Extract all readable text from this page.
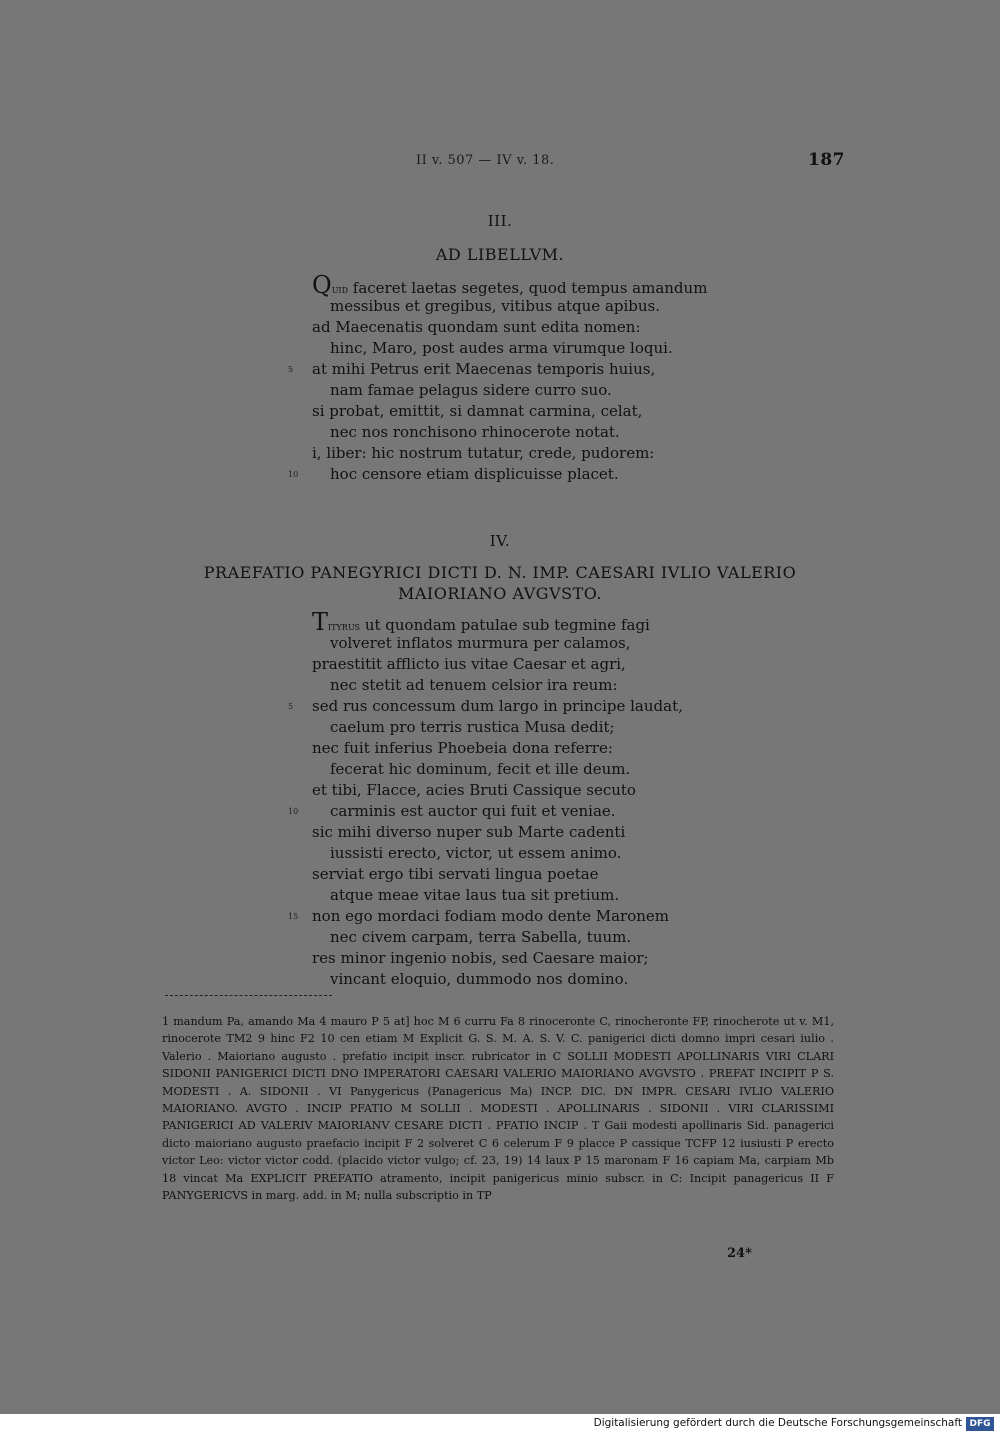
II v. 507 — IV v. 18.	187
III.
AD LIBELLVM.
Quid faceret laetas segetes, quod tempus amandum
messibus et gregibus, vitibus atque apibus.
ad Maecenatis quondam sunt edita nomen:
hinc, Maro, post audes arma virumque loqui.
5 at mihi Petrus erit Maecenas temporis huius,
nam famae pelagus sidere curro suo.
si probat, emittit, si damnat carmina, celat,
nec nos ronchisono rhinocerote notat.
i, liber: hic nostrum tutatur, crede, pudorem:
10 hoc censore etiam displicuisse placet.
IV.
PRAEFATIO PANEGYRICI DICTI D. N. IMP. CAESARI IVLIO VALERIO
MAIORIANO AVGVSTO.
Tityrus ut quondam patulae sub tegmine fagi
volveret inflatos murmura per calamos,
praestitit afflicto ius vitae Caesar et agri,
nec stetit ad tenuem celsior ira reum:
5 sed rus concessum dum largo in principe laudat,
caelum pro terris rustica Musa dedit;
nec fuit inferius Phoebeia dona referre:
fecerat hic dominum, fecit et ille deum.
et tibi, Flacce, acies Bruti Cassique secuto
10 carminis est auctor qui fuit et veniae.
sic mihi diverso nuper sub Marte cadenti
iussisti erecto, victor, ut essem animo.
serviat ergo tibi servati lingua poetae
atque meae vitae laus tua sit pretium.
15 non ego mordaci fodiam modo dente Maronem
nec civem carpam, terra Sabella, tuum.
res minor ingenio nobis, sed Caesare maior;
vincant eloquio, dummodo nos domino.

1 mandum Pa, amando Ma 4 mauro P 5 at] hoc M 6 curru Fa 8 rinoceronte C, rinocheronte FP, rinocherote ut v. M1, rinocerote TM2 9 hinc F2 10 cen etiam M Explicit G. S. M. A. S. V. C. panigerici dicti domno impri cesari iulio . Valerio . Maioriano augusto . prefatio incipit inscr. rubricator in C SOLLII MODESTI APOLLINARIS VIRI CLARI SIDONII PANIGERICI DICTI DNO IMPERATORI CAESARI VALERIO MAIORIANO AVGVSTO . PREFAT INCIPIT P S. MODESTI . A. SIDONII . VI Panygericus (Panagericus Ma) INCP. DIC. DN IMPR. CESARI IVLIO VALERIO MAIORIANO. AVGTO . INCIP PFATIO M SOLLII . MODESTI . APOLLINARIS . SIDONII . VIRI CLARISSIMI PANIGERICI AD VALERIV MAIORIANV CESARE DICTI . PFATIO INCIP . T Gaii modesti apollinaris Sid. panagerici dicto maioriano augusto praefacio incipit F 2 solveret C 6 celerum F 9 placce P cassique TCFP 12 iusiusti P erecto victor Leo: victor victor codd. (placido victor vulgo; cf. 23, 19) 14 laux P 15 maronam F 16 capiam Ma, carpiam Mb 18 vincat Ma EXPLICIT PREFATIO atramento, incipit panigericus minio subscr. in C: Incipit panagericus II F PANYGERICVS in marg. add. in M; nulla subscriptio in TP

24*
Digitalisierung gefördert durch die Deutsche Forschungsgemeinschaft DFG
